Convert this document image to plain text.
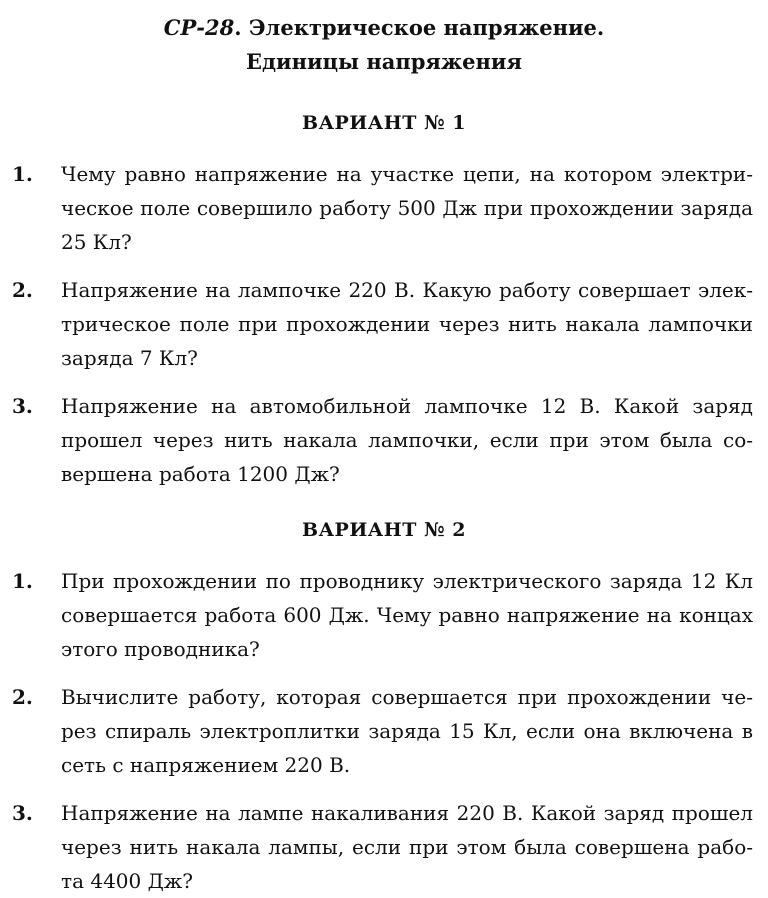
СР-28. Электрическое напряжение.
Единицы напряжения
ВАРИАНТ № 1
1. Чему равно напряжение на участке цепи, на котором электри-
ческое поле совершило работу 500 Дж при прохождении заряда
25 Кл?
2. Напряжение на лампочке 220 В. Какую работу совершает элек-
трическое поле при прохождении через нить накала лампочки
заряда 7 Кл?
3. Напряжение на автомобильной лампочке 12 В. Какой заряд
прошел через нить накала лампочки, если при этом была со-
вершена работа 1200 Дж?
ВАРИАНТ № 2
1. При прохождении по проводнику электрического заряда 12 Кл
совершается работа 600 Дж. Чему равно напряжение на концах
этого проводника?
2. Вычислите работу, которая совершается при прохождении че-
рез спираль электроплитки заряда 15 Кл, если она включена в
сеть с напряжением 220 В.
3. Напряжение на лампе накаливания 220 В. Какой заряд прошел
через нить накала лампы, если при этом была совершена рабо-
та 4400 Дж?
